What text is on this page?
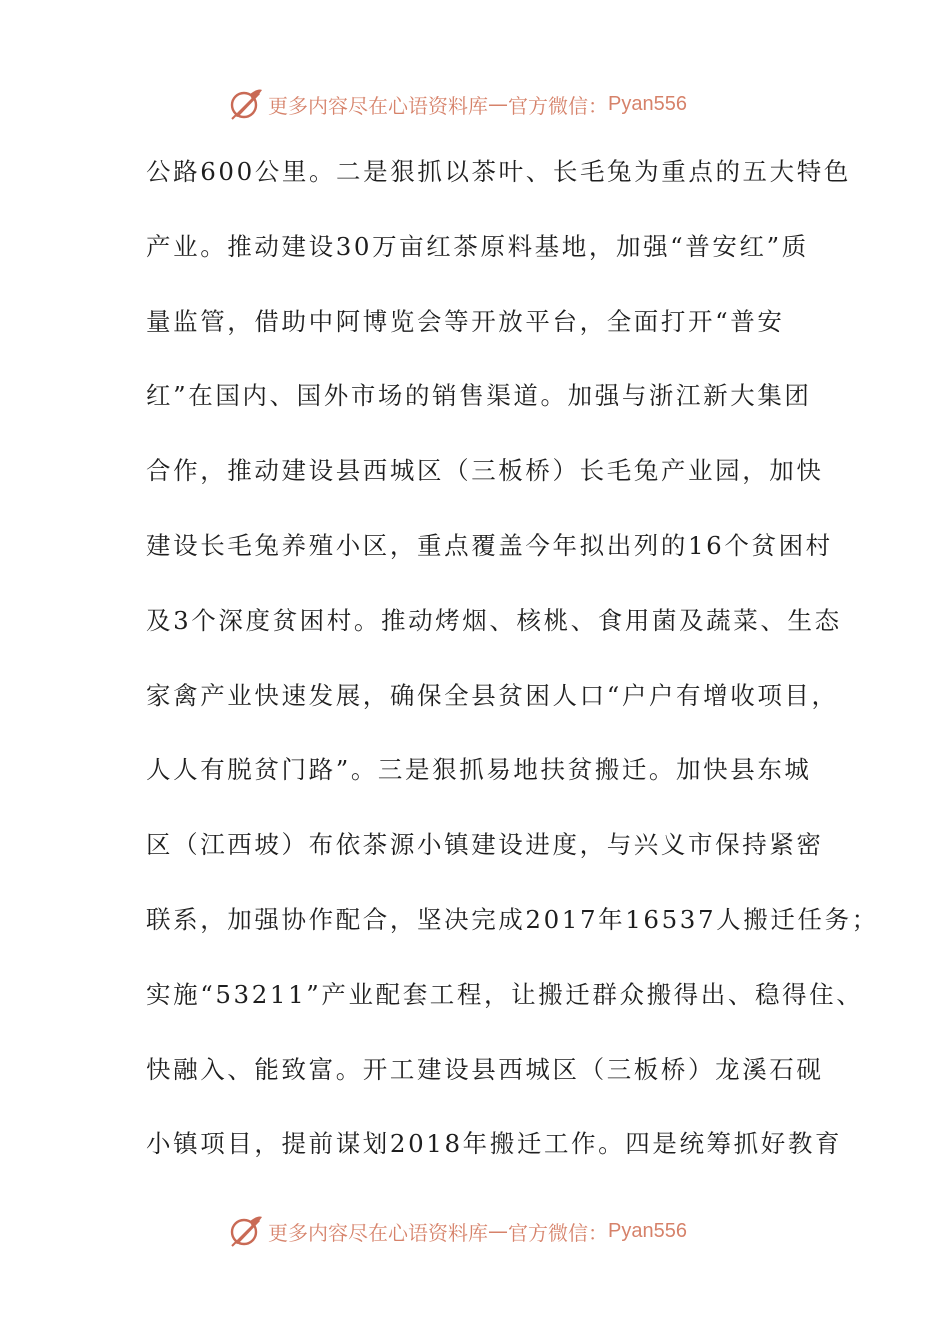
更多内容尽在心语资料库 — 官方微信： Pyan556
公路600公里。二是狠抓以茶叶、长毛兔为重点的五大特色
产业。推动建设30万亩红茶原料基地，加强“普安红”质
量监管，借助中阿博览会等开放平台，全面打开“普安
红”在国内、国外市场的销售渠道。加强与浙江新大集团
合作，推动建设县西城区（三板桥）长毛兔产业园，加快
建设长毛兔养殖小区，重点覆盖今年拟出列的16个贫困村
及3个深度贫困村。推动烤烟、核桃、食用菌及蔬菜、生态
家禽产业快速发展，确保全县贫困人口“户户有增收项目，
人人有脱贫门路”。三是狠抓易地扶贫搬迁。加快县东城
区（江西坡）布依茶源小镇建设进度，与兴义市保持紧密
联系，加强协作配合，坚决完成2017年16537人搬迁任务；
实施“53211”产业配套工程，让搬迁群众搬得出、稳得住、
快融入、能致富。开工建设县西城区（三板桥）龙溪石砚
小镇项目，提前谋划2018年搬迁工作。四是统筹抓好教育
更多内容尽在心语资料库 — 官方微信： Pyan556
